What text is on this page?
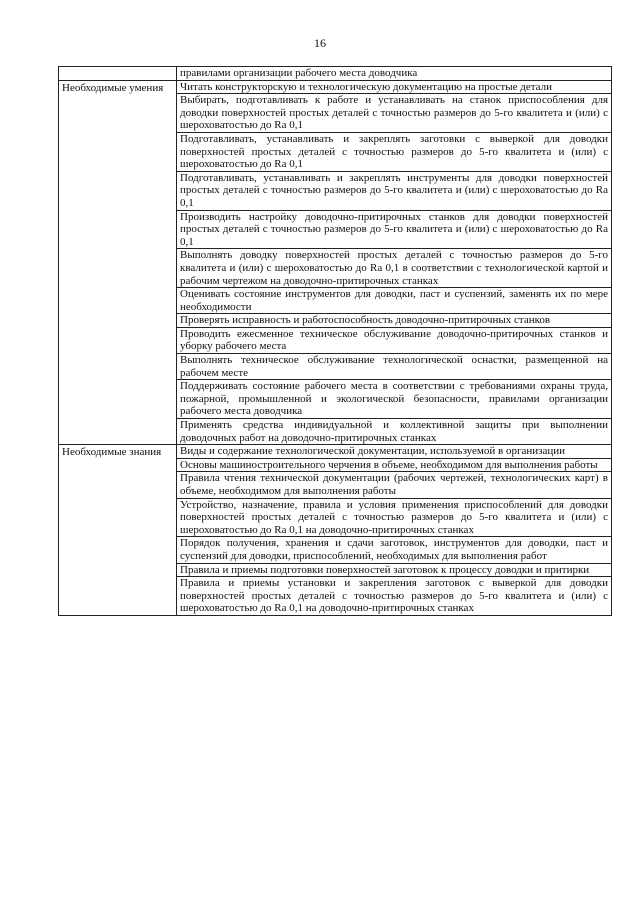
16
	правилами организации рабочего места доводчика
Необходимые умения	Читать конструкторскую и технологическую документацию на простые детали
	Выбирать, подготавливать к работе и устанавливать на станок приспособления для доводки поверхностей простых деталей с точностью размеров до 5-го квалитета и (или) с шероховатостью до Ra 0,1
	Подготавливать, устанавливать и закреплять заготовки с выверкой для доводки поверхностей простых деталей с точностью размеров до 5-го квалитета и (или) с шероховатостью до Ra 0,1
	Подготавливать, устанавливать и закреплять инструменты для доводки поверхностей простых деталей с точностью размеров до 5-го квалитета и (или) с шероховатостью до Ra 0,1
	Производить настройку доводочно-притирочных станков для доводки поверхностей простых деталей с точностью размеров до 5-го квалитета и (или) с шероховатостью до Ra 0,1
	Выполнять доводку поверхностей простых деталей с точностью размеров до 5-го квалитета и (или) с шероховатостью до Ra 0,1 в соответствии с технологической картой и рабочим чертежом на доводочно-притирочных станках
	Оценивать состояние инструментов для доводки, паст и суспензий, заменять их по мере необходимости
	Проверять исправность и работоспособность доводочно-притирочных станков
	Проводить ежесменное техническое обслуживание доводочно-притирочных станков и уборку рабочего места
	Выполнять техническое обслуживание технологической оснастки, размещенной на рабочем месте
	Поддерживать состояние рабочего места в соответствии с требованиями охраны труда, пожарной, промышленной и экологической безопасности, правилами организации рабочего места доводчика
	Применять средства индивидуальной и коллективной защиты при выполнении доводочных работ на доводочно-притирочных станках
Необходимые знания	Виды и содержание технологической документации, используемой в организации
	Основы машиностроительного черчения в объеме, необходимом для выполнения работы
	Правила чтения технической документации (рабочих чертежей, технологических карт) в объеме, необходимом для выполнения работы
	Устройство, назначение, правила и условия применения приспособлений для доводки поверхностей простых деталей с точностью размеров до 5-го квалитета и (или) с шероховатостью до Ra 0,1 на доводочно-притирочных станках
	Порядок получения, хранения и сдачи заготовок, инструментов для доводки, паст и суспензий для доводки, приспособлений, необходимых для выполнения работ
	Правила и приемы подготовки поверхностей заготовок к процессу доводки и притирки
	Правила и приемы установки и закрепления заготовок с выверкой для доводки поверхностей простых деталей с точностью размеров до 5-го квалитета и (или) с шероховатостью до Ra 0,1 на доводочно-притирочных станках
